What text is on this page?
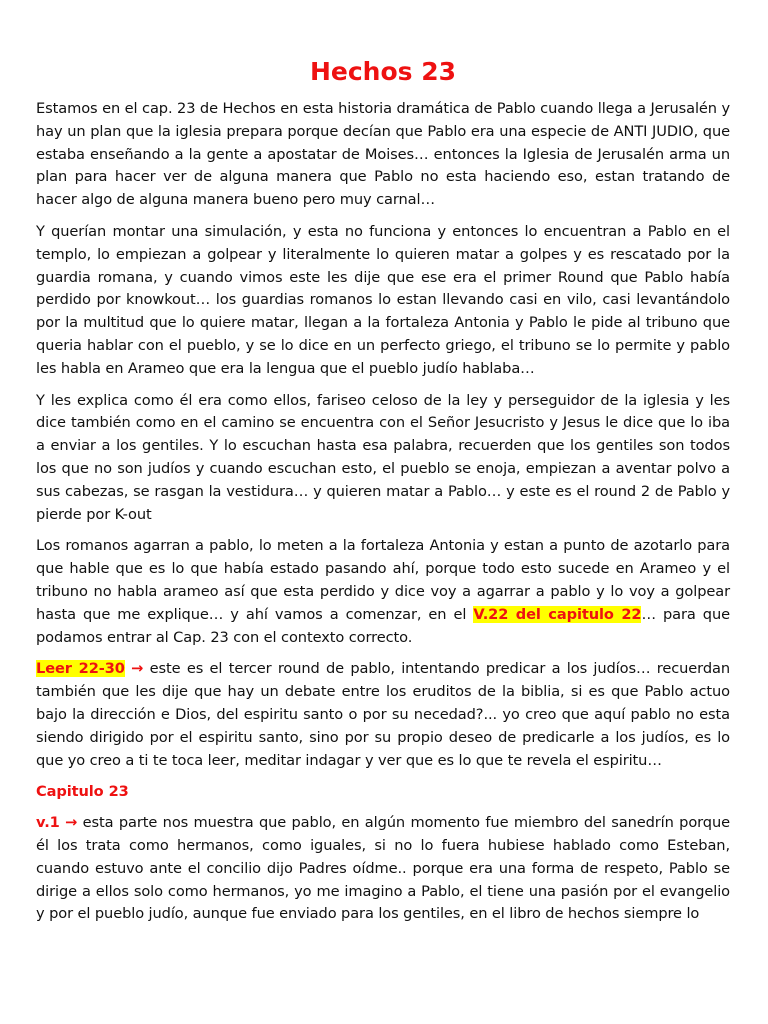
Hechos 23

Estamos en el cap. 23 de Hechos en esta historia dramática de Pablo cuando llega a Jerusalén y hay un plan que la iglesia prepara porque decían que Pablo era una especie de ANTI JUDIO, que estaba enseñando a la gente a apostatar de Moises… entonces la Iglesia de Jerusalén arma un plan para hacer ver de alguna manera que Pablo no esta haciendo eso, estan tratando de hacer algo de alguna manera bueno pero muy carnal…

Y querían montar una simulación, y esta no funciona y entonces lo encuentran a Pablo en el templo, lo empiezan a golpear y literalmente lo quieren matar a golpes y es rescatado por la guardia romana, y cuando vimos este les dije que ese era el primer Round que Pablo había perdido por knowkout… los guardias romanos lo estan llevando casi en vilo, casi levantándolo por la multitud que lo quiere matar, llegan a la fortaleza Antonia y Pablo le pide al tribuno que queria hablar con el pueblo, y se lo dice en un perfecto griego, el tribuno se lo permite y pablo les habla en Arameo que era la lengua que el pueblo judío hablaba…

Y les explica como él era como ellos, fariseo celoso de la ley y perseguidor de la iglesia y les dice también como en el camino se encuentra con el Señor Jesucristo y Jesus le dice que lo iba a enviar a los gentiles. Y lo escuchan hasta esa palabra, recuerden que los gentiles son todos los que no son judíos y cuando escuchan esto, el pueblo se enoja, empiezan a aventar polvo a sus cabezas, se rasgan la vestidura… y quieren matar a Pablo… y este es el round 2 de Pablo y pierde por K-out

Los romanos agarran a pablo, lo meten a la fortaleza Antonia y estan a punto de azotarlo para que hable que es lo que había estado pasando ahí, porque todo esto sucede en Arameo y el tribuno no habla arameo así que esta perdido y dice voy a agarrar a pablo y lo voy a golpear hasta que me explique… y ahí vamos a comenzar, en el V.22 del capitulo 22… para que podamos entrar al Cap. 23 con el contexto correcto.

Leer 22-30 → este es el tercer round de pablo, intentando predicar a los judíos… recuerdan también que les dije que hay un debate entre los eruditos de la biblia, si es que Pablo actuo bajo la dirección e Dios, del espiritu santo o por su necedad?... yo creo que aquí pablo no esta siendo dirigido por el espiritu santo, sino por su propio deseo de predicarle a los judíos, es lo que yo creo a ti te toca leer, meditar indagar y ver que es lo que te revela el espiritu…

Capitulo 23

v.1 → esta parte nos muestra que pablo, en algún momento fue miembro del sanedrín porque él los trata como hermanos, como iguales, si no lo fuera hubiese hablado como Esteban, cuando estuvo ante el concilio dijo Padres oídme.. porque era una forma de respeto, Pablo se dirige a ellos solo como hermanos, yo me imagino a Pablo, el tiene una pasión por el evangelio y por el pueblo judío, aunque fue enviado para los gentiles, en el libro de hechos siempre lo
